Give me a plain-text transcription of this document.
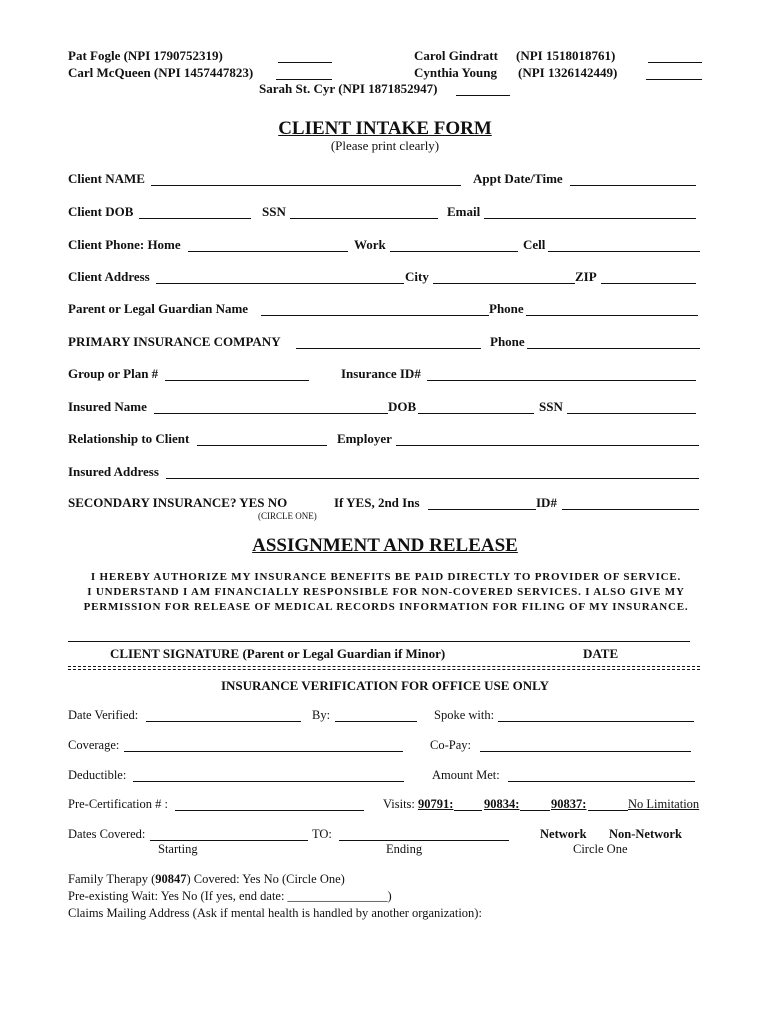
Pat Fogle (NPI 1790752319)
Carl McQueen (NPI 1457447823)
Carol Gindratt (NPI 1518018761)
Cynthia Young (NPI 1326142449)
Sarah St. Cyr (NPI 1871852947)
CLIENT INTAKE FORM
(Please print clearly)
Client NAME	Appt Date/Time
Client DOB	SSN	Email
Client Phone: Home	Work	Cell
Client Address	City	ZIP
Parent or Legal Guardian Name	Phone
PRIMARY INSURANCE COMPANY	Phone
Group or Plan #	Insurance ID#
Insured Name	DOB	SSN
Relationship to Client	Employer
Insured Address
SECONDARY INSURANCE? YES NO	If YES, 2nd Ins	ID#
(CIRCLE ONE)
ASSIGNMENT AND RELEASE
I HEREBY AUTHORIZE MY INSURANCE BENEFITS BE PAID DIRECTLY TO PROVIDER OF SERVICE.
I UNDERSTAND I AM FINANCIALLY RESPONSIBLE FOR NON-COVERED SERVICES. I ALSO GIVE MY
PERMISSION FOR RELEASE OF MEDICAL RECORDS INFORMATION FOR FILING OF MY INSURANCE.
CLIENT SIGNATURE (Parent or Legal Guardian if Minor)	DATE
INSURANCE VERIFICATION FOR OFFICE USE ONLY
Date Verified:	By:	Spoke with:
Coverage:	Co-Pay:
Deductible:	Amount Met:
Pre-Certification # :	Visits: 90791: 90834:	90837:	No Limitation
Dates Covered:	TO:	Network Non-Network
Starting	Ending	Circle One
Family Therapy (90847) Covered: Yes No (Circle One)
Pre-existing Wait: Yes No (If yes, end date: ________________)
Claims Mailing Address (Ask if mental health is handled by another organization):
